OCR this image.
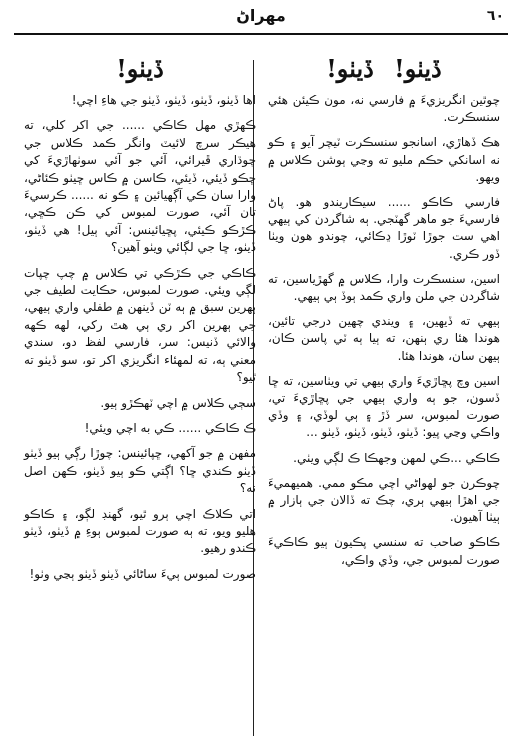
مهراڻ	٦٠
ڏيٺو! ڏيٺو!

چوٿين انگريزيءَ ۾ فارسي نه، مون ڪيئن هئي سنسڪرت.

هڪ ڏهاڙي، اسانجو سنسڪرت ٽيچر آيو ۽ ڪو نه اسانکي حڪم مليو ته وڃي ٻوشن ڪلاس ۾ ويهو.

فارسي ڪاڪو ...... سيڪاريندو هو. پاڻ فارسيءَ جو ماهر گهٽجي. ٻه شاگردن کي ٻيهي اهي ست جوڙا ٽوڙا ڍڪائي، چوندو هون ويٺا ڏور ڪري.

اسين، سنسڪرت وارا، ڪلاس ۾ گهڙياسين، ته شاگردن جي ملن واري ڪمد ٻوڏ ٻي ٻيهي.

ٻيهي ته ڏيهين، ۽ ويندي چهين درجي تائين، هوندا هئا ري ٻنهن، ته ٻيا ٻه ٽي پاسن ڪان، ٻيهن سان، هوندا هئا.

اسين وچ پڇاڙيءَ واري ٻيهي تي ويٺاسين، ته ڇا ڏسون، جو ٻه واري ٻيهي جي پڇاڙيءَ تي، صورت لمبوس، سر ڏڙ ۽ ٻي لوڏي، ۽ وڏي واڪي وڃي پيو: ڏيٺو، ڏيٺو، ڏيٺو، ڏيٺو ...

ڪاڪي ...ڪي لمهن وجهڪا ڪ لڳي ويٺي.

چوڪرن جو لهواڻي اچي مڪو ممي. هميهميءَ جي اهڙا ٻيهي ٻري، چڪ ته ڏالان جي ٻازار ۾ ٻيٺا آهيون.

ڪاڪو صاحب ته سنسي پڪيون ٻيو ڪاڪيءَ صورت لمبوس جي، وڏي واڪي،

ڏيٺو!

اها ڏيٺو، ڏيٺو، ڏيٺو، ڏيٺو جي هاءِ اچي!

ڪهڙي مهل ڪاڪي ...... جي اکر کلي، ته هيڪر سرچ لائيٽ وانگر ڪمد ڪلاس جي چوڌاري ڦيرائي، آئي جو آئي سوٺهاڙيءَ کي ڇڪو ڏيئي، ڏيئي، ڪاسن ۾ ڪاس ڇيٺو ڪئاڻي، وارا سان ڪي آڳهيائين ۽ ڪو نه ...... ڪرسيءَ تان آئي، صورت لمبوس کي ڪن ڪڇي، ڪڙڪو ڪيئي، پڇيائينس: آئي ٻيل! هي ڏيٺو، ڏيٺو، ڇا جي لڳائي ويٺو آهين؟

ڪاڪي جي ڪڙڪي تي ڪلاس ۾ چپ چپات لڳي ويئي. صورت لمبوس، حڪايت لطيف جي ٻهرين سبق ۾ ٻه ٽن ڏينهن ۾ طفلي واري ٻيهي، جي ٻهرين اکر ري ٻي هٿ رکي، لهه ڪهه والائي ڏنيس: سر، فارسي لفظ دو، سندي معني ٻه، ته لمهئاء انگريزي اکر تو، سو ڏيٺو ته ٿيو؟

سڄي ڪلاس ۾ اچي ٽهڪڙو ٻيو.

ڪ ڪاڪي ...... ڪي به اچي ويئي!

مفهن ۾ جو آکهي، ڇپائينس: چوڙا رڳي ٻيو ڏيٺو ڏيٺو ڪندي ڇا؟ اڳتي ڪو ٻيو ڏيٺو، ڪهن اصل نه؟

اتي ڪلاڪ اچي ٻرو ٿيو، گهنڊ لڳو، ۽ ڪاڪو هليو ويو، ته ٻه صورت لمبوس ٻوءِ ۾ ڏيٺو، ڏيٺو ڪندو رهيو.

صورت لمبوس ٻيءَ ساڻائي ڏيٺو ڏيٺو ٻڃي وٺو!
